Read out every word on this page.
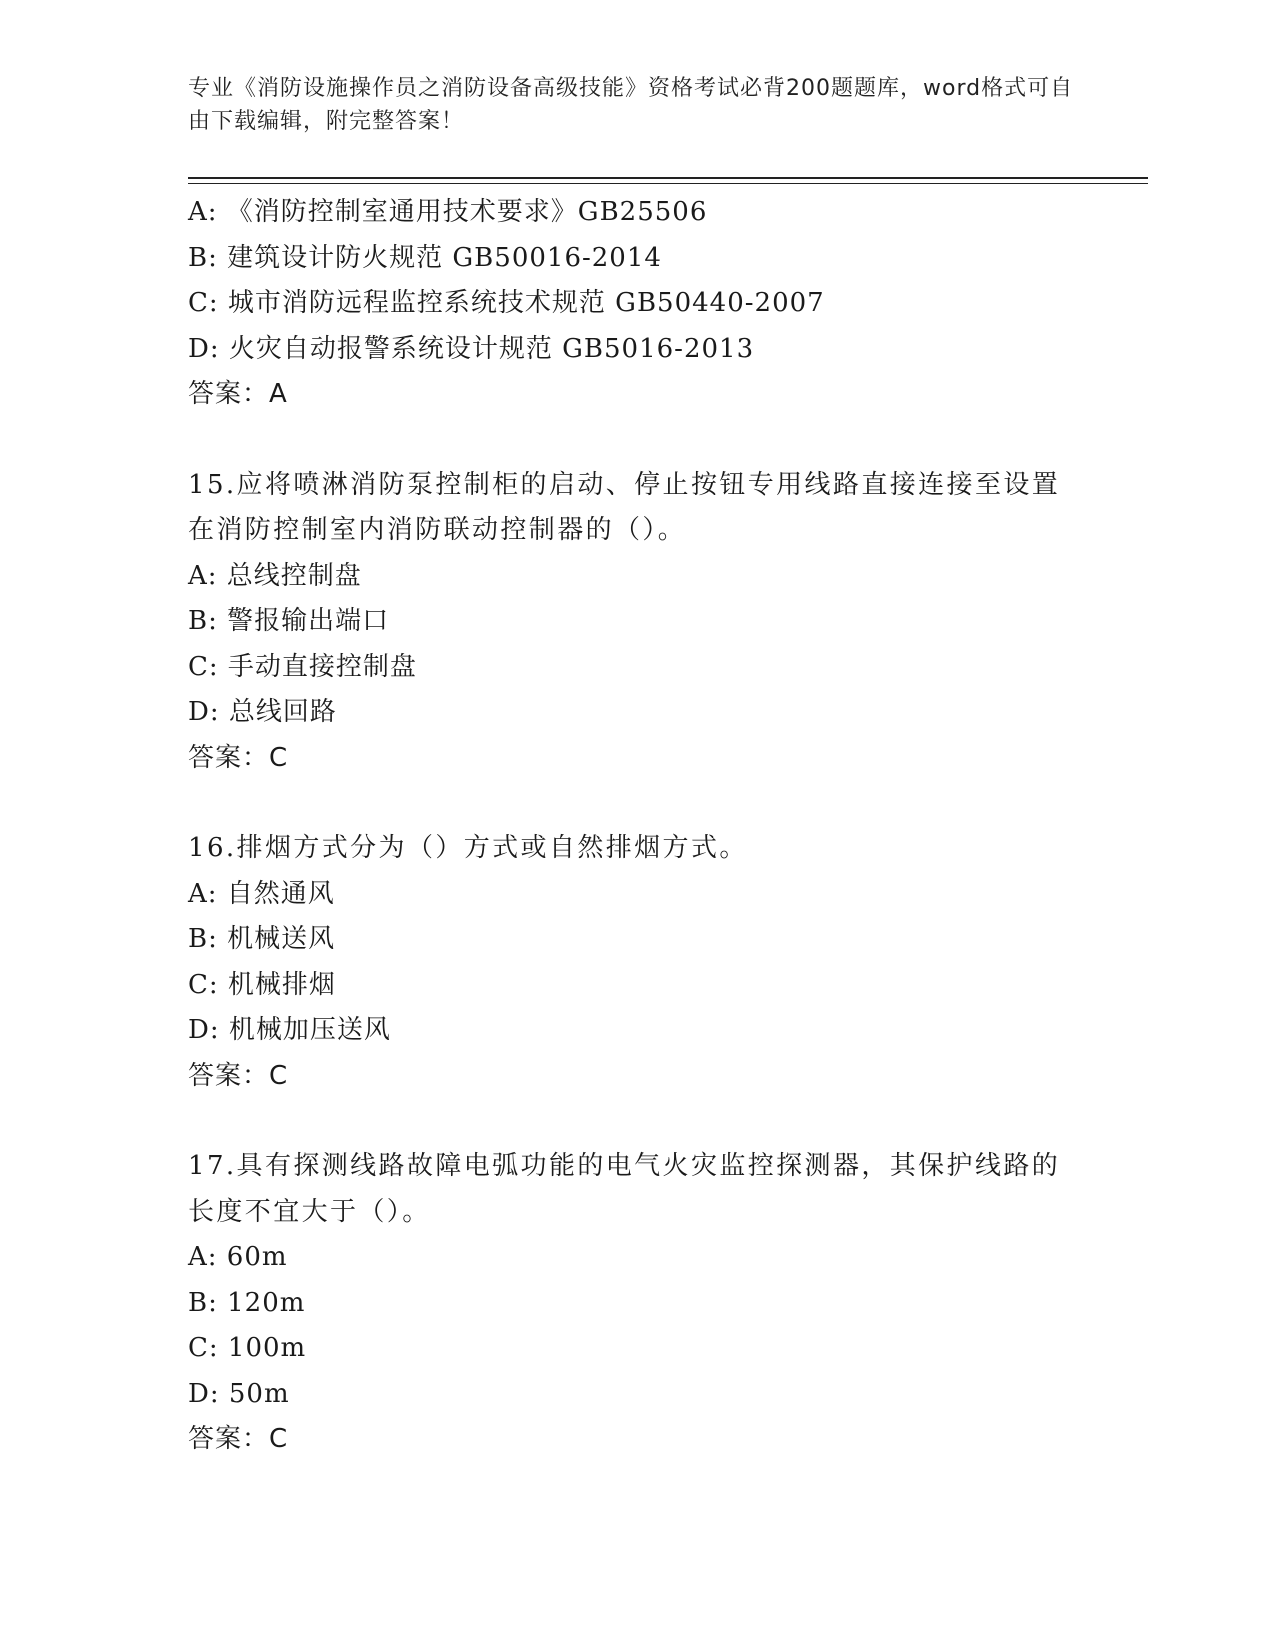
专业《消防设施操作员之消防设备高级技能》资格考试必背200题题库，word格式可自由下载编辑，附完整答案！
A: 《消防控制室通用技术要求》GB25506
B: 建筑设计防火规范 GB50016-2014
C: 城市消防远程监控系统技术规范 GB50440-2007
D: 火灾自动报警系统设计规范 GB5016-2013
答案：A
15.应将喷淋消防泵控制柜的启动、停止按钮专用线路直接连接至设置
在消防控制室内消防联动控制器的（）。
A: 总线控制盘
B: 警报输出端口
C: 手动直接控制盘
D: 总线回路
答案：C
16.排烟方式分为（）方式或自然排烟方式。
A: 自然通风
B: 机械送风
C: 机械排烟
D: 机械加压送风
答案：C
17.具有探测线路故障电弧功能的电气火灾监控探测器，其保护线路的
长度不宜大于（）。
A: 60m
B: 120m
C: 100m
D: 50m
答案：C
